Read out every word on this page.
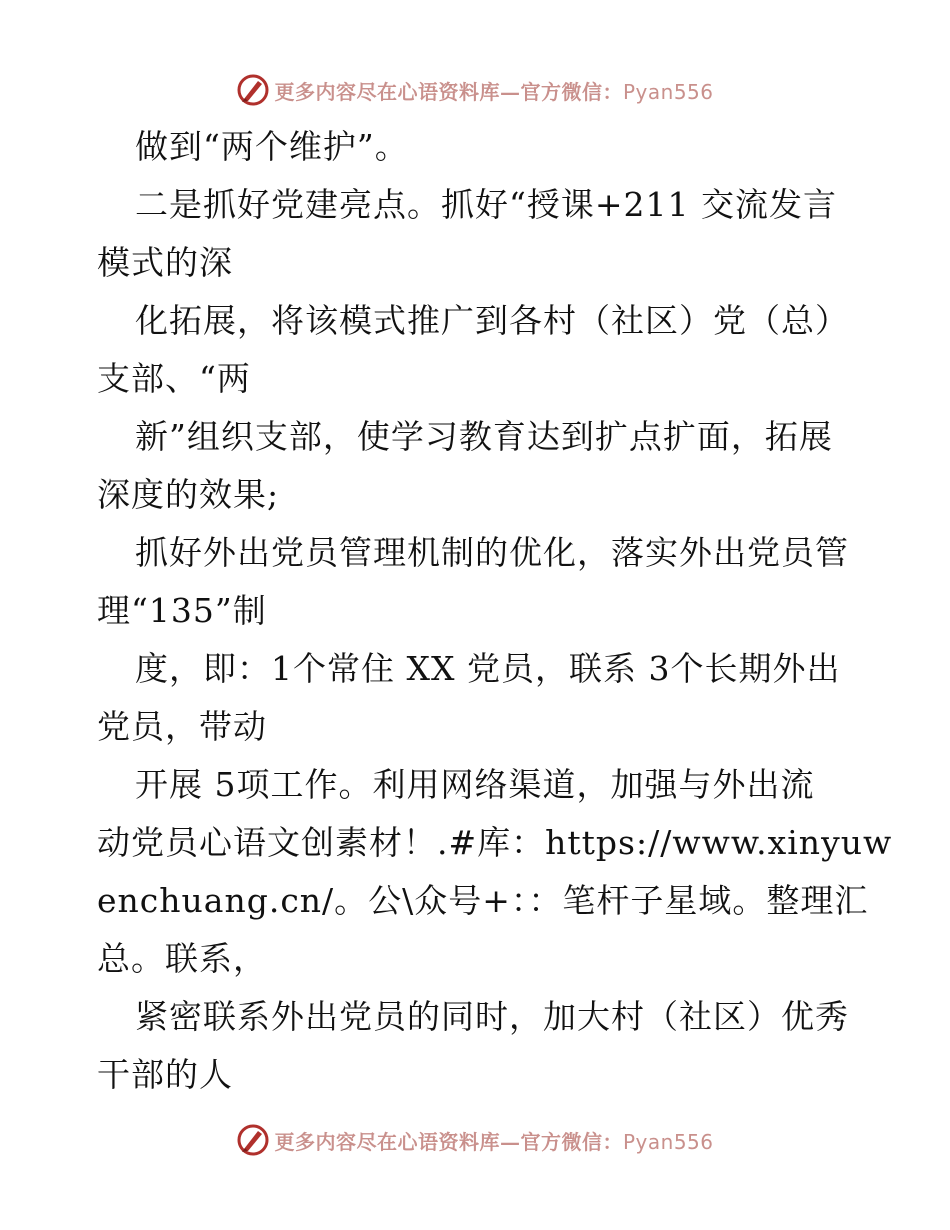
更多内容尽在心语资料库—官方微信：Pyan556
做到“两个维护”。
二是抓好党建亮点。抓好“授课+211 交流发言
模式的深
化拓展，将该模式推广到各村（社区）党（总）
支部、“两
新”组织支部，使学习教育达到扩点扩面，拓展
深度的效果;
抓好外出党员管理机制的优化，落实外出党员管
理“135”制
度，即：1个常住 XX 党员，联系 3个长期外出
党员，带动
开展 5项工作。利用网络渠道，加强与外出流
动党员心语文创素材！.#库：https://www.xinyuw
enchuang.cn/。公\众号+：：笔杆子星域。整理汇
总。联系，
紧密联系外出党员的同时，加大村（社区）优秀
干部的人
更多内容尽在心语资料库—官方微信：Pyan556
